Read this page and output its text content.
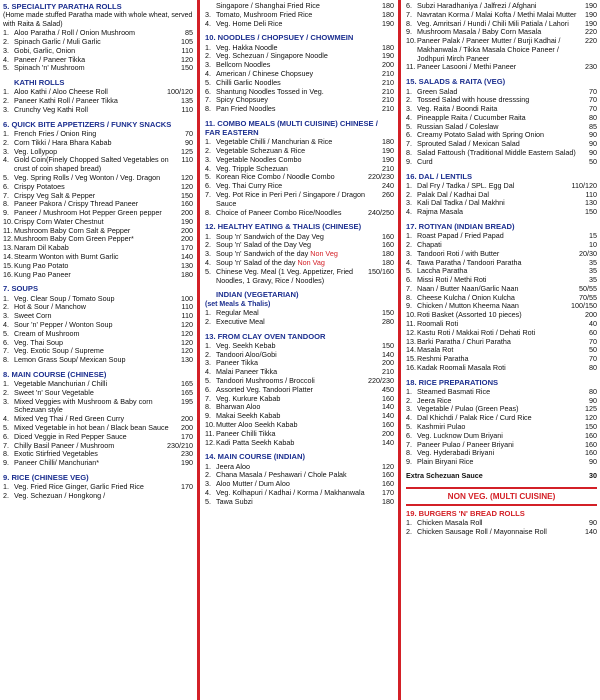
5. SPECIALITY PARATHA ROLLS
(Home made stuffed Paratha made with whole wheat, served with Raita & Salad)
1. Aloo Paratha / Roll / Onion Mushroom	85
2. Spinach Garlic / Muli Garlic	105
3. Gobi, Garlic, Onion	110
4. Paneer / Paneer Tikka	120
5. Spinach 'n' Mushroom	150
KATHI ROLLS
1. Aloo Kathi / Aloo Cheese Roll	100/120
2. Paneer Kathi Roll / Paneer Tikka	135
3. Crunchy Veg Kathi Roll	110
6. QUICK BITE APPETIZERS / FUNKY SNACKS
1. French Fries / Onion Ring	70
2. Corn Tikki / Hara Bhara Kabab	90
3. Veg. Lollypop	125
4. Gold Coin(Finely Chopped Salted Vegetables on crust of coin shaped bread)
110
5. Veg. Spring Rolls / Veg Wonton / Veg. Dragon	120
6. Crispy Potatoes	120
7. Crispy Veg Salt & Pepper	150
8. Paneer Pakora / Crispy Thread Paneer	160
9. Paneer / Mushroom Hot Pepper Green pepper	200
10. Crispy Corn Water Chestnut	190
11. Mushroom Baby Corn Salt & Pepper	200
12. Mushroom Baby Corn Green Pepper*	200
13. Naram Dil Kabab	170
14. Stearm Wonton with Burnt Garlic	140
15. Kung Pao Potato	130
16. Kung Pao Paneer	180
7. SOUPS
1. Veg. Clear Soup / Tomato Soup	100
2. Hot & Sour / Manchow	110
3. Sweet Corn	110
4. Sour 'n' Pepper / Wonton Soup	120
5. Cream of Mushroom	120
6. Veg. Thai Soup	120
7. Veg. Exotic Soup / Supreme	120
8. Lemon Grass Soup/ Mexican Soup	130
8. MAIN COURSE (CHINESE)
1. Vegetable Manchurian / Chilli	165
2. Sweet 'n' Sour Vegetable	165
3. Mixed Veggies with Mushroom & Baby corn Schezuan style
195
4. Mixed Veg Thai / Red Green Curry	200
5. Mixed Vegetable in hot bean / Black bean Sauce	200
6. Diced Veggie in Red Pepper Sauce	170
7. Chilly Basil Paneer / Mushroom	230/210
8. Exotic Stirfried Vegetables	230
9. Paneer Chilli/ Manchurian*	190
9. RICE (CHINESE VEG)
1. Veg. Fried Rice Ginger, Garlic Fried Rice	170
2. Veg. Schezuan / Hongkong /
Singapore / Shanghai Fried Rice	180
3. Tomato, Mushroom Fried Rice	180
4. Veg. Home Deli Rice	190
10. NOODLES / CHOPSUEY / CHOWMEIN
1. Veg. Hakka Noodle	180
2. Veg. Schezuan / Singapore Noodle	190
3. Bellcorn Noodles	200
4. American / Chinese Chopsuey	210
5. Chilli Garlic Noodles	210
6. Shantung Noodles Tossed in Veg.	210
7. Spicy Chopsuey	210
8. Pan Fried Noodles	210
11. COMBO MEALS (MULTI CUISINE) CHINESE / FAR EASTERN
1. Vegetable Chilli / Manchurian & Rice	180
2. Vegetable Schezuan & Rice	190
3. Vegetable Noodles Combo	190
4. Veg. Tripple Schezuan	210
5. Korean Rice Combo / Noodle Combo	220/230
6. Veg. Thai Curry Rice	240
7. Veg. Pot Rice in Peri Peri / Singapore / Dragon Sauce
260
8. Choice of Paneer Combo Rice/Noodles	240/250
12. HEALTHY EATING & THALIS (CHINESE)
1. Soup 'n' Sandwich of the Day Veg	160
2. Soup 'n' Salad of the Day Veg	160
3. Soup 'n' Sandwich of the day Non Veg	180
4. Soup 'n' Salad of the day Non Vag	180
5. Chinese Veg. Meal (1 Veg. Appetizer, Fried Noodles, 1 Gravy, Rice / Noodles)
150/160
INDIAN (VEGETARIAN)
(set Meals & Thalis)
1. Regular Meal	150
2. Executive Meal	280
13. FROM CLAY OVEN TANDOOR
1. Veg. Seekh Kebab	150
2. Tandoori Aloo/Gobi	140
3. Paneer Tikka	200
4. Malai Paneer Tikka	210
5. Tandoori Mushrooms / Broccoli	220/230
6. Assorted Veg. Tandoori Platter	450
7. Veg. Kurkure Kabab	160
8. Bharwan Aloo	140
9. Makai Seekh Kabab	140
10. Mutter Aloo Seekh Kabab	160
11. Paneer Chilli Tikka	200
12. Kadi Patta Seekh Kabab	140
14. MAIN COURSE (INDIAN)
1. Jeera Aloo	120
2. Chana Masala / Peshawari / Chole Palak	160
3. Aloo Mutter / Dum Aloo	160
4. Veg. Kolhapuri / Kadhai / Korma / Makhanwala	170
5. Tawa Subzi	180
6. Subzi Haradhaniya / Jalfrezi / Afghani	190
7. Navratan Korma / Malai Kofta / Methi Malai Mutter	190
8. Veg. Amritsari / Hundi / Chili Mili Patiala / Lahori	190
9. Mushroom Masala / Baby Corn Masala	220
10. Paneer Palak / Paneer Mutter / Burji Kadhai / Makhanwala / Tikka Masala Choice Paneer / Jodhpuri Mirch Paneer
220
11. Paneer Lasooni / Methi Paneer	230
15. SALADS & RAITA (VEG)
1. Green Salad	70
2. Tossed Salad with house dresssing	70
3. Veg. Raita / Boondi Raita	70
4. Pineapple Raita / Cucumber Raita	80
5. Russian Salad / Coleslaw	85
6. Creamy Potato Salad with Spring Onion	90
7. Sprouted Salad / Mexican Salad	90
8. Salad Fattoush (Traditional Middle Eastern Salad)	90
9. Curd	50
16. DAL / LENTILS
1. Dal Fry / Tadka / SPL. Egg Dal	110/120
2. Palak Dal / Kadhai Dal	110
3. Kali Dal Tadka / Dal Makhni	130
4. Rajma Masala	150
17. ROTIYAN (INDIAN BREAD)
1. Roast Papad / Fried Papad	15
2. Chapati	10
3. Tandoori Roti / with Butter	20/30
4. Tawa Paratha / Tandoori Paratha	35
5. Laccha Paratha	35
6. Missi Roti / Methi Roti	35
7. Naan / Butter Naan/Garlic Naan	50/55
8. Cheese Kulcha / Onion Kulcha	70/55
9. Chicken / Mutton Kheema Naan	100/150
10. Roti Basket (Assorted 10 pieces)	200
11. Roomali Roti	40
12. Kastu Roti / Makkai Roti / Dehati Roti	60
13. Barki Paratha / Churi Paratha	70
14. Masala Rot	50
15. Reshmi Paratha	70
16. Kadak Roomali Masala Roti	80
18. RICE PREPARATIONS
1. Steamed Basmati Rice	80
2. Jeera Rice	90
3. Vegetable / Pulao (Green Peas)	125
4. Dal Khichdi / Palak Rice / Curd Rice	120
5. Kashmiri Pulao	150
6. Veg. Lucknow Dum Briyani	160
7. Paneer Pulao / Paneer Briyani	160
8. Veg. Hyderabadi Briyani	160
9. Plain Biryani Rice	90
Extra Schezuan Sauce	30
NON VEG. (MULTI CUISINE)
19. BURGERS 'N' BREAD ROLLS
1. Chicken Masala Roll	90
2. Chicken Sausage Roll / Mayonnaise Roll	140
